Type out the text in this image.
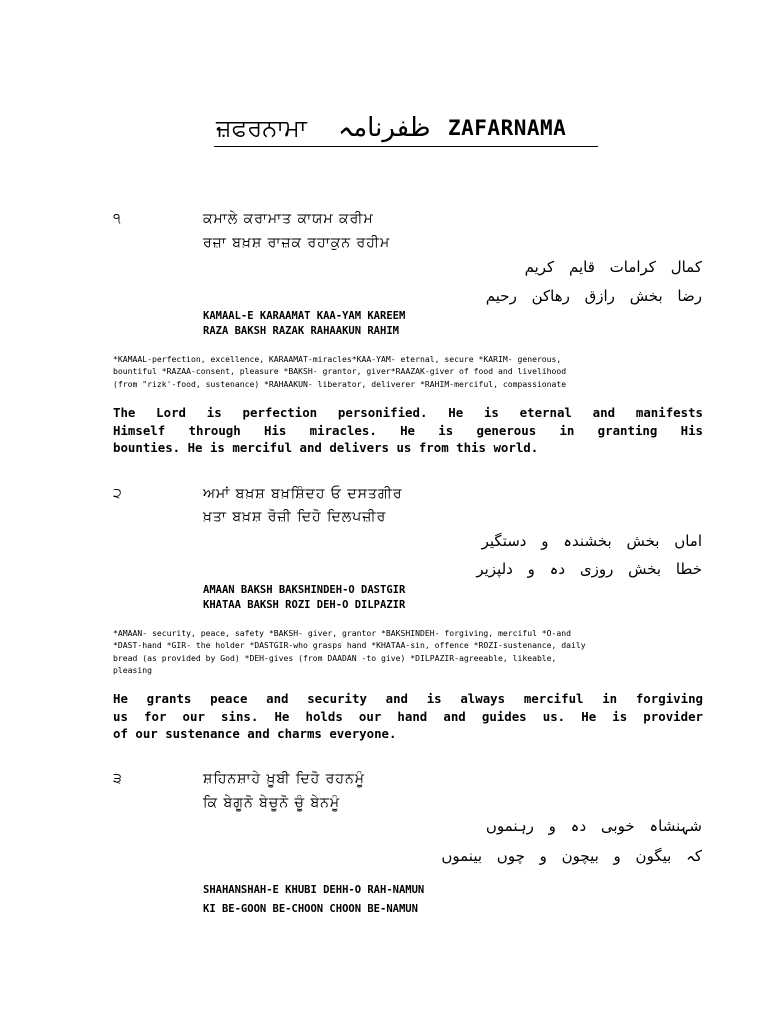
ਜ਼ਫਰਨਾਮਾ ظفرنامہ ZAFARNAMA
੧	ਕਮਾਲੇ ਕਰਾਮਾਤ ਕਾਯਮ ਕਰੀਮ
ਰਜ਼ਾ ਬਖ਼ਸ਼ ਰਾਜ਼ਕ ਰਹਾਕੁਨ ਰਹੀਮ
کمال کرامات قایم کریم
رضا بخش رازق رهاکن رحیم
KAMAAL-E KARAAMAT KAA-YAM KAREEM
RAZA BAKSH RAZAK RAHAAKUN RAHIM
*KAMAAL-perfection, excellence, KARAAMAT-miracles*KAA-YAM- eternal, secure *KARIM- generous,
bountiful *RAZAA-consent, pleasure *BAKSH- grantor, giver*RAAZAK-giver of food and livelihood
(from "rizk'-food, sustenance) *RAHAAKUN- liberator, deliverer *RAHIM-merciful, compassionate
The Lord is perfection personified. He is eternal and manifests
Himself through His miracles. He is generous in granting His
bounties. He is merciful and delivers us from this world.
੨	ਅਮਾਂ ਬਖ਼ਸ਼ ਬਖ਼ਸ਼ਿੰਦਹ ਓ ਦਸਤਗੀਰ
ਖ਼ਤਾ ਬਖ਼ਸ਼ ਰੋਜ਼ੀ ਦਿਹੋ ਦਿਲਪਜ਼ੀਰ
اماں بخش بخشندہ و دستگیر
خطا بخش روزی دہ و دلپزیر
AMAAN BAKSH BAKSHINDEH-O DASTGIR
KHATAA BAKSH ROZI DEH-O DILPAZIR
*AMAAN- security, peace, safety *BAKSH- giver, grantor *BAKSHINDEH- forgiving, merciful *O-and
*DAST-hand *GIR- the holder *DASTGIR-who grasps hand *KHATAA-sin, offence *ROZI-sustenance, daily
bread (as provided by God) *DEH-gives (from DAADAN -to give) *DILPAZIR-agreeable, likeable,
pleasing
He grants peace and security and is always merciful in forgiving
us for our sins. He holds our hand and guides us. He is provider
of our sustenance and charms everyone.
੩	ਸ਼ਹਿਨਸ਼ਾਹੇ ਖ਼ੂਬੀ ਦਿਹੋ ਰਹਨਮੂੰ
ਕਿ ਬੇਗੂਨੋ ਬੇਚੂਨੋ ਚੂੰ ਬੇਨਮੂੰ
شہنشاہ خوبی دہ و رہنموں
کہ بیگون و بیچون و چوں بینموں
SHAHANSHAH-E KHUBI DEHH-O RAH-NAMUN
KI BE-GOON BE-CHOON CHOON BE-NAMUN
